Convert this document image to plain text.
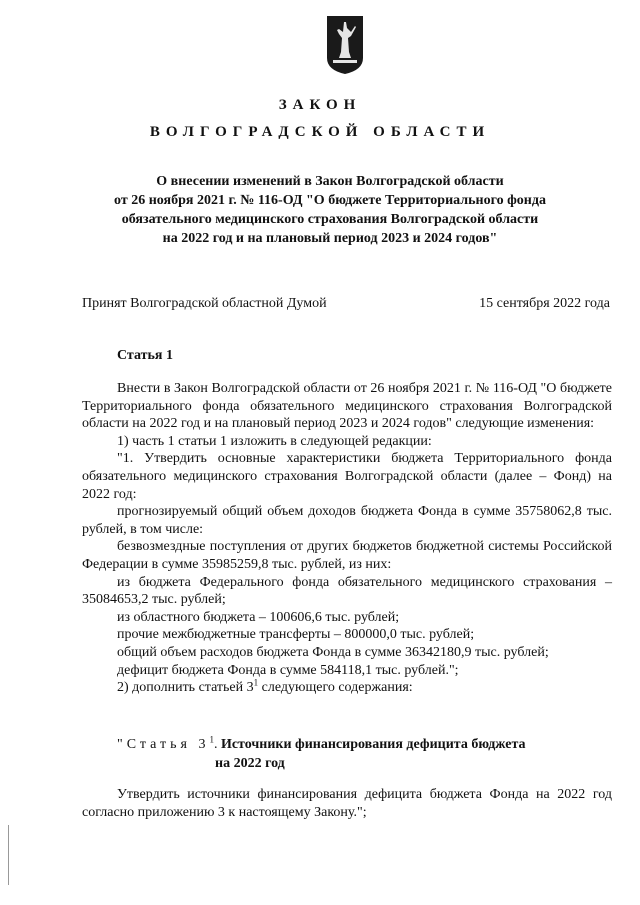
ЗАКОН
ВОЛГОГРАДСКОЙ ОБЛАСТИ
О внесении изменений в Закон Волгоградской области
от 26 ноября 2021 г. № 116-ОД "О бюджете Территориального фонда
обязательного медицинского страхования Волгоградской области
на 2022 год и на плановый период 2023 и 2024 годов"
Принят Волгоградской областной Думой	15 сентября 2022 года
Статья 1

Внести в Закон Волгоградской области от 26 ноября 2021 г. № 116-ОД "О бюджете Территориального фонда обязательного медицинского страхования Волгоградской области на 2022 год и на плановый период 2023 и 2024 годов" следующие изменения:

1) часть 1 статьи 1 изложить в следующей редакции:

"1. Утвердить основные характеристики бюджета Территориального фонда обязательного медицинского страхования Волгоградской области (далее – Фонд) на 2022 год:

прогнозируемый общий объем доходов бюджета Фонда в сумме 35758062,8 тыс. рублей, в том числе:

безвозмездные поступления от других бюджетов бюджетной системы Российской Федерации в сумме 35985259,8 тыс. рублей, из них:

из бюджета Федерального фонда обязательного медицинского страхования – 35084653,2 тыс. рублей;

из областного бюджета – 100606,6 тыс. рублей;

прочие межбюджетные трансферты – 800000,0 тыс. рублей;

общий объем расходов бюджета Фонда в сумме 36342180,9 тыс. рублей;

дефицит бюджета Фонда в сумме 584118,1 тыс. рублей.";

2) дополнить статьей $3^1$ следующего содержания:

"Статья $3^1$. Источники финансирования дефицита бюджета
на 2022 год

Утвердить источники финансирования дефицита бюджета Фонда на 2022 год согласно приложению 3 к настоящему Закону.";
